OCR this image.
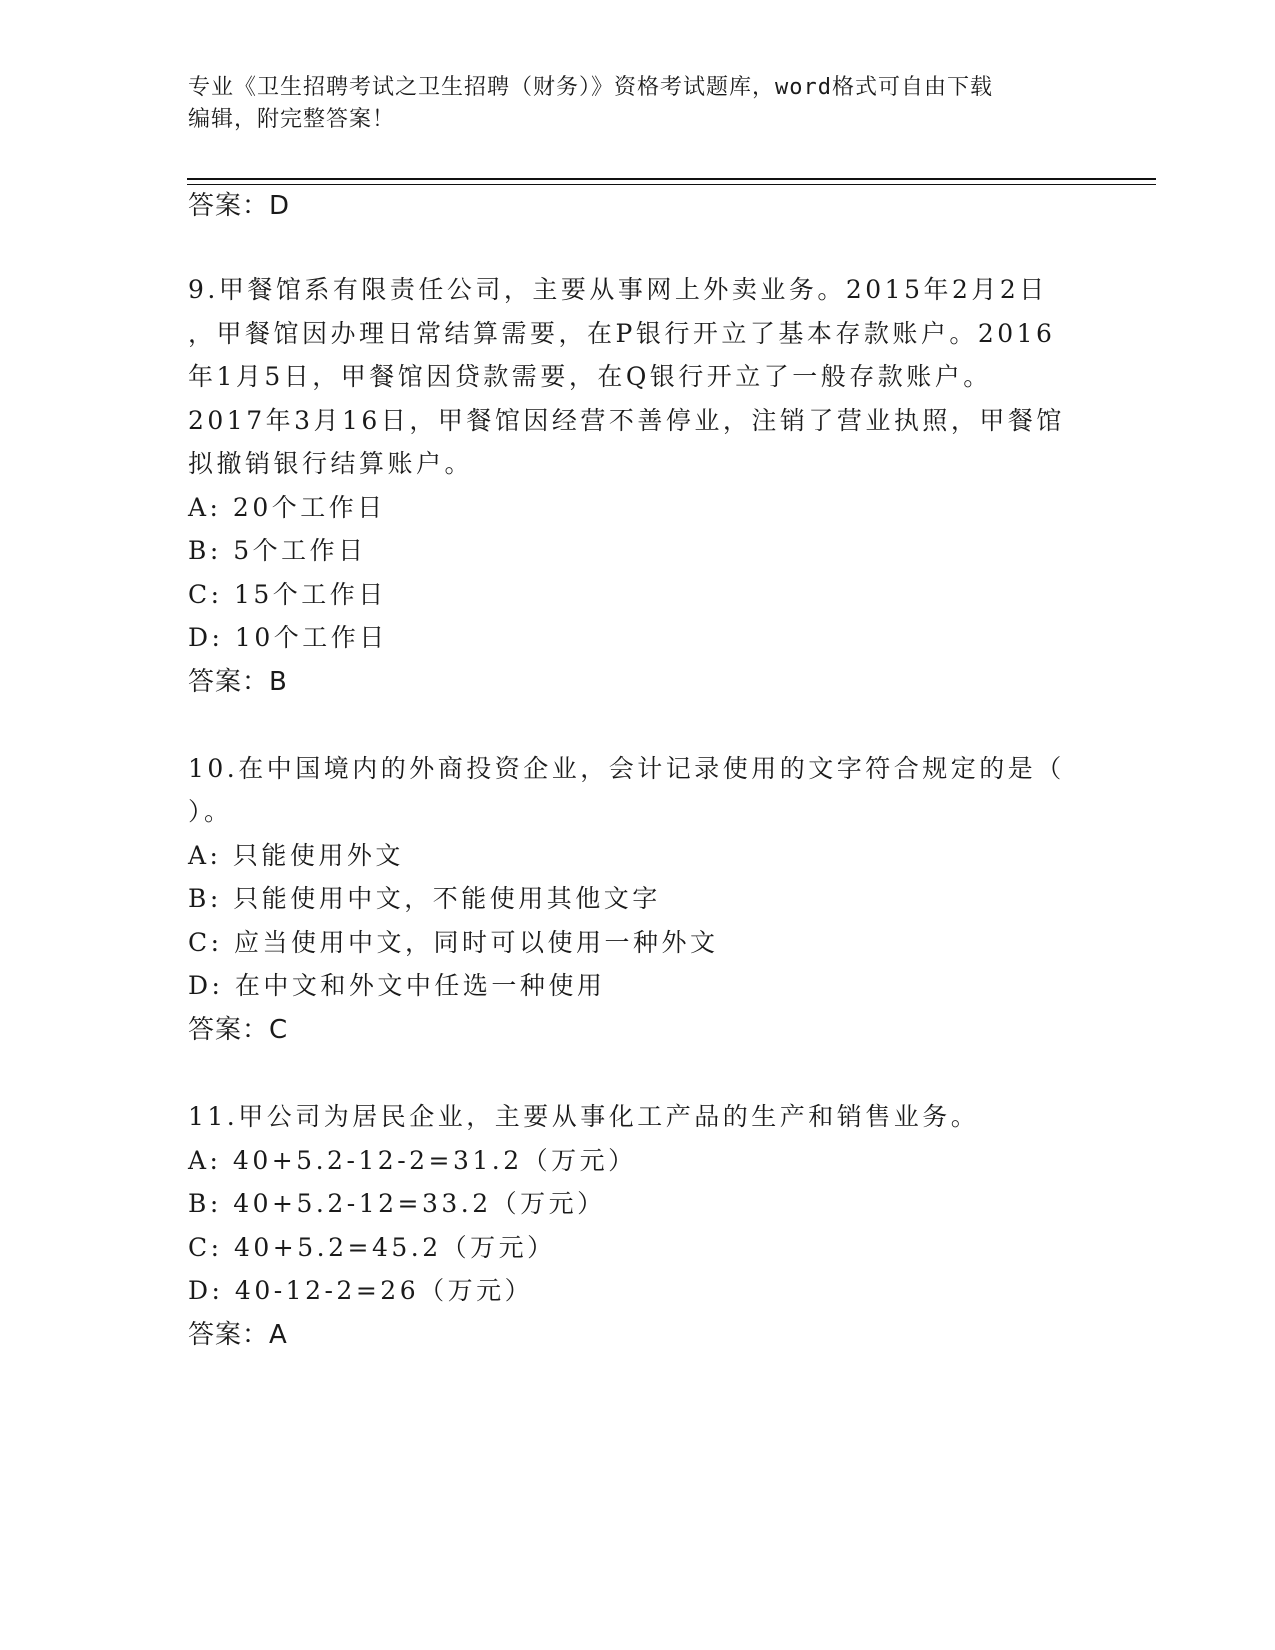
专业《卫生招聘考试之卫生招聘（财务）》资格考试题库，word格式可自由下载
编辑，附完整答案！
答案：D
9.甲餐馆系有限责任公司，主要从事网上外卖业务。2015年2月2日
，甲餐馆因办理日常结算需要，在P银行开立了基本存款账户。2016
年1月5日，甲餐馆因贷款需要，在Q银行开立了一般存款账户。
2017年3月16日，甲餐馆因经营不善停业，注销了营业执照，甲餐馆
拟撤销银行结算账户。
A: 20个工作日
B: 5个工作日
C: 15个工作日
D: 10个工作日
答案：B
10.在中国境内的外商投资企业，会计记录使用的文字符合规定的是（
）。
A: 只能使用外文
B: 只能使用中文，不能使用其他文字
C: 应当使用中文，同时可以使用一种外文
D: 在中文和外文中任选一种使用
答案：C
11.甲公司为居民企业，主要从事化工产品的生产和销售业务。
A: 40+5.2-12-2=31.2（万元）
B: 40+5.2-12=33.2（万元）
C: 40+5.2=45.2（万元）
D: 40-12-2=26（万元）
答案：A
